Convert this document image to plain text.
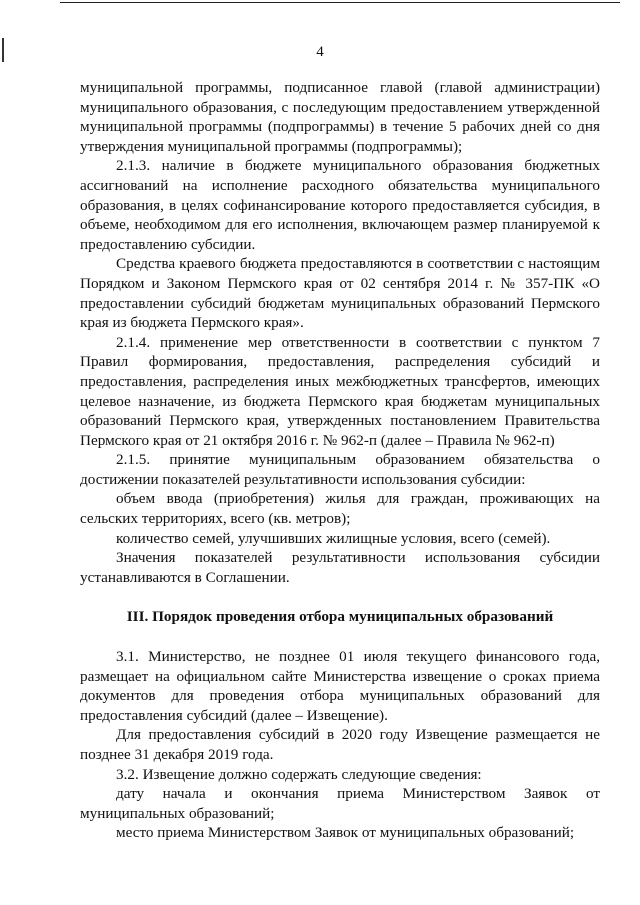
4

муниципальной программы, подписанное главой (главой администрации) муниципального образования, с последующим предоставлением утвержденной муниципальной программы (подпрограммы) в течение 5 рабочих дней со дня утверждения муниципальной программы (подпрограммы);

2.1.3. наличие в бюджете муниципального образования бюджетных ассигнований на исполнение расходного обязательства муниципального образования, в целях софинансирование которого предоставляется субсидия, в объеме, необходимом для его исполнения, включающем размер планируемой к предоставлению субсидии.

Средства краевого бюджета предоставляются в соответствии с настоящим Порядком и Законом Пермского края от 02 сентября 2014 г. № 357-ПК «О предоставлении субсидий бюджетам муниципальных образований Пермского края из бюджета Пермского края».

2.1.4. применение мер ответственности в соответствии с пунктом 7 Правил формирования, предоставления, распределения субсидий и предоставления, распределения иных межбюджетных трансфертов, имеющих целевое назначение, из бюджета Пермского края бюджетам муниципальных образований Пермского края, утвержденных постановлением Правительства Пермского края от 21 октября 2016 г. № 962-п (далее – Правила № 962-п)

2.1.5. принятие муниципальным образованием обязательства о достижении показателей результативности использования субсидии:

объем ввода (приобретения) жилья для граждан, проживающих на сельских территориях, всего (кв. метров);

количество семей, улучшивших жилищные условия, всего (семей).

Значения показателей результативности использования субсидии устанавливаются в Соглашении.

III. Порядок проведения отбора муниципальных образований

3.1. Министерство, не позднее 01 июля текущего финансового года, размещает на официальном сайте Министерства извещение о сроках приема документов для проведения отбора муниципальных образований для предоставления субсидий (далее – Извещение).

Для предоставления субсидий в 2020 году Извещение размещается не позднее 31 декабря 2019 года.

3.2. Извещение должно содержать следующие сведения:

дату начала и окончания приема Министерством Заявок от муниципальных образований;

место приема Министерством Заявок от муниципальных образований;
